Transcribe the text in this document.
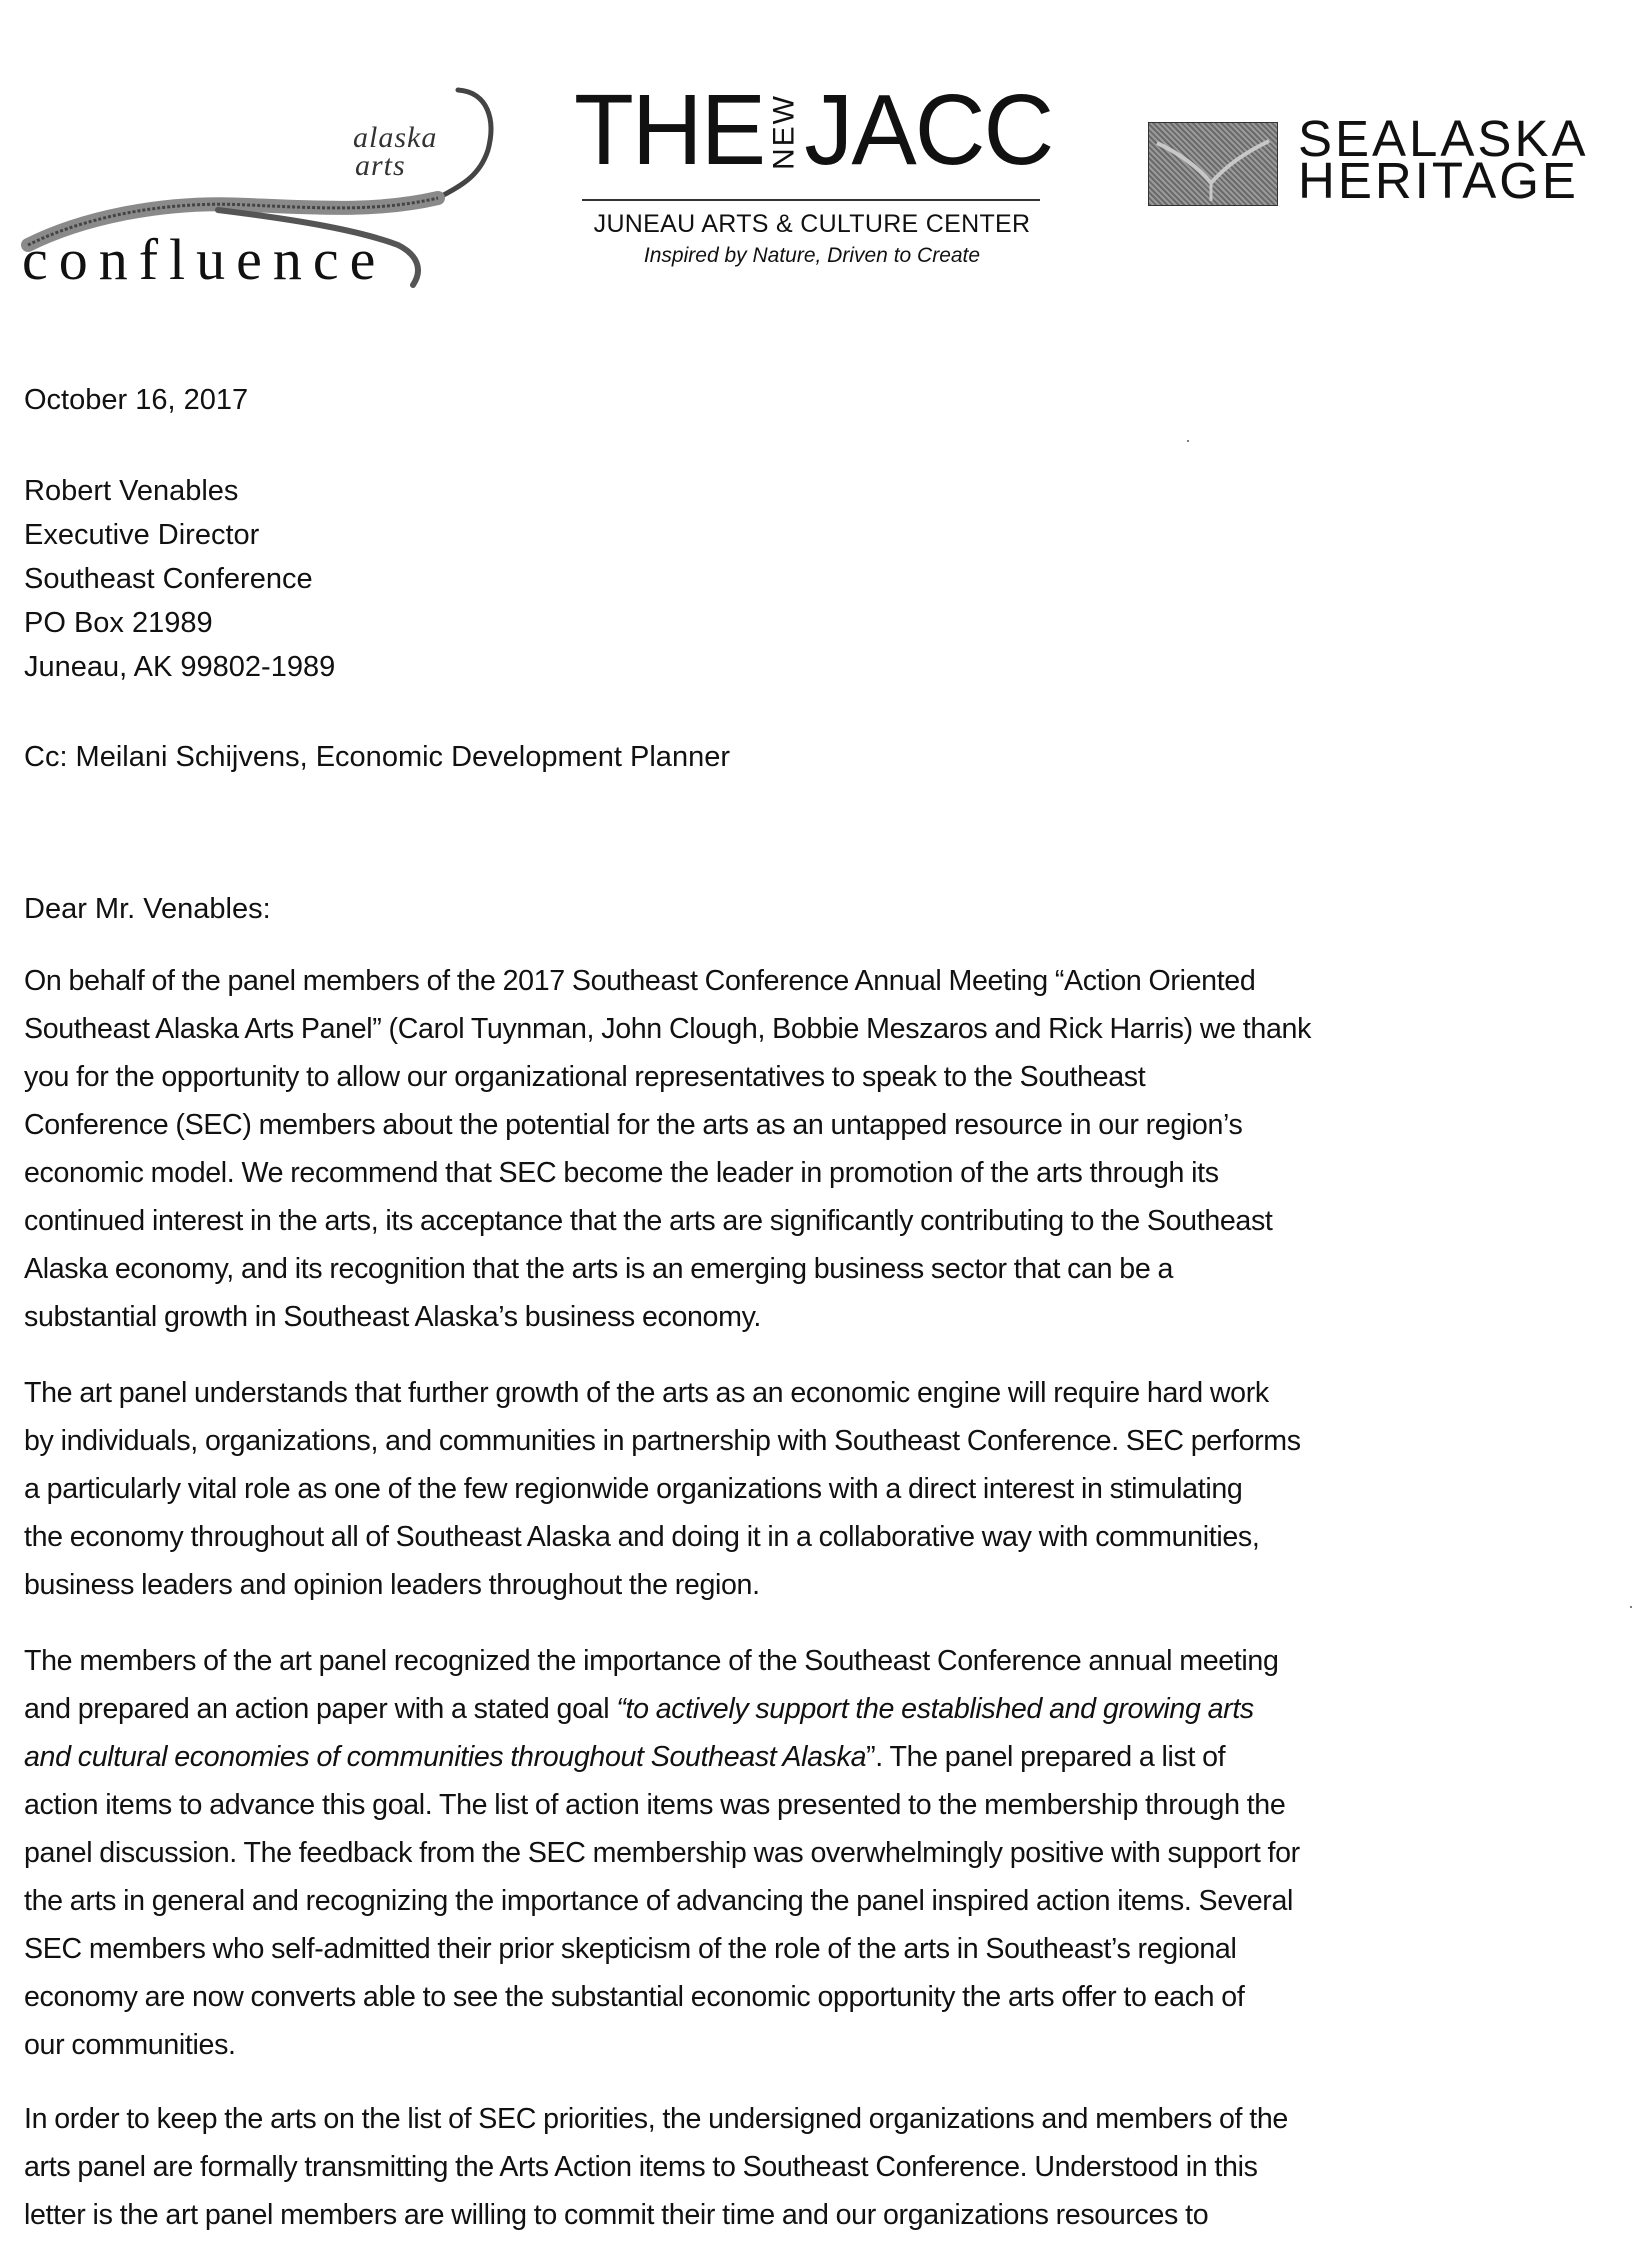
alaska
arts
confluence
THE NEW JACC
JUNEAU ARTS & CULTURE CENTER
Inspired by Nature, Driven to Create
SEALASKA
HERITAGE
October 16, 2017
Robert Venables
Executive Director
Southeast Conference
PO Box 21989
Juneau, AK 99802-1989
Cc: Meilani Schijvens, Economic Development Planner
Dear Mr. Venables:
On behalf of the panel members of the 2017 Southeast Conference Annual Meeting “Action Oriented
Southeast Alaska Arts Panel” (Carol Tuynman, John Clough, Bobbie Meszaros and Rick Harris) we thank
you for the opportunity to allow our organizational representatives to speak to the Southeast
Conference (SEC) members about the potential for the arts as an untapped resource in our region’s
economic model. We recommend that SEC become the leader in promotion of the arts through its
continued interest in the arts, its acceptance that the arts are significantly contributing to the Southeast
Alaska economy, and its recognition that the arts is an emerging business sector that can be a
substantial growth in Southeast Alaska’s business economy.
The art panel understands that further growth of the arts as an economic engine will require hard work
by individuals, organizations, and communities in partnership with Southeast Conference. SEC performs
a particularly vital role as one of the few regionwide organizations with a direct interest in stimulating
the economy throughout all of Southeast Alaska and doing it in a collaborative way with communities,
business leaders and opinion leaders throughout the region.
The members of the art panel recognized the importance of the Southeast Conference annual meeting
and prepared an action paper with a stated goal “to actively support the established and growing arts
and cultural economies of communities throughout Southeast Alaska”. The panel prepared a list of
action items to advance this goal. The list of action items was presented to the membership through the
panel discussion. The feedback from the SEC membership was overwhelmingly positive with support for
the arts in general and recognizing the importance of advancing the panel inspired action items. Several
SEC members who self-admitted their prior skepticism of the role of the arts in Southeast’s regional
economy are now converts able to see the substantial economic opportunity the arts offer to each of
our communities.
In order to keep the arts on the list of SEC priorities, the undersigned organizations and members of the
arts panel are formally transmitting the Arts Action items to Southeast Conference. Understood in this
letter is the art panel members are willing to commit their time and our organizations resources to
